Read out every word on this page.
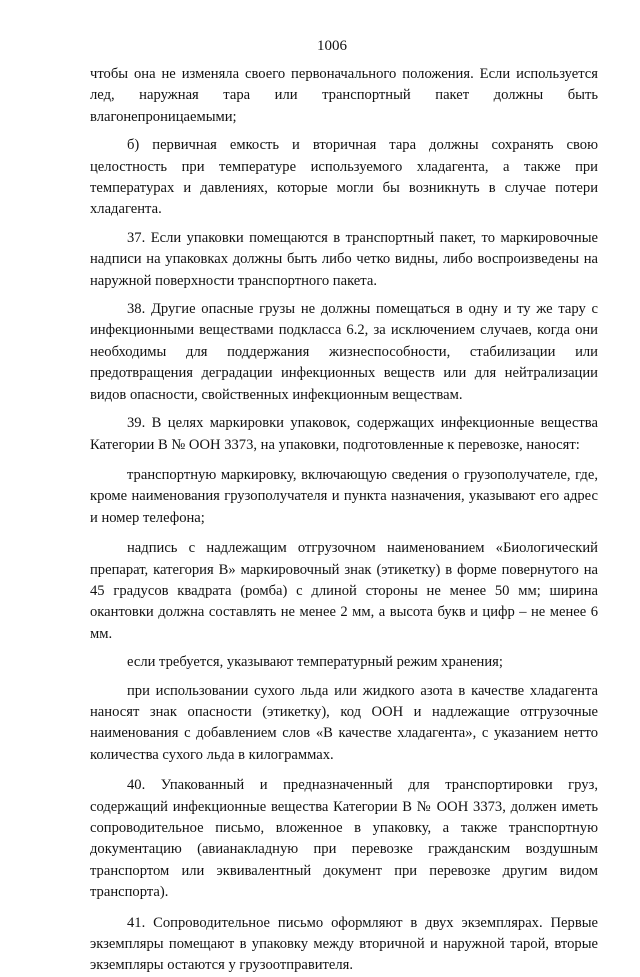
1006

чтобы она не изменяла своего первоначального положения. Если используется лед, наружная тара или транспортный пакет должны быть влагонепроницаемыми;

б) первичная емкость и вторичная тара должны сохранять свою целостность при температуре используемого хладагента, а также при температурах и давлениях, которые могли бы возникнуть в случае потери хладагента.

37. Если упаковки помещаются в транспортный пакет, то маркировочные надписи на упаковках должны быть либо четко видны, либо воспроизведены на наружной поверхности транспортного пакета.

38. Другие опасные грузы не должны помещаться в одну и ту же тару с инфекционными веществами подкласса 6.2, за исключением случаев, когда они необходимы для поддержания жизнеспособности, стабилизации или предотвращения деградации инфекционных веществ или для нейтрализации видов опасности, свойственных инфекционным веществам.

39. В целях маркировки упаковок, содержащих инфекционные вещества Категории В № ООН 3373, на упаковки, подготовленные к перевозке, наносят:

транспортную маркировку, включающую сведения о грузополучателе, где, кроме наименования грузополучателя и пункта назначения, указывают его адрес и номер телефона;

надпись с надлежащим отгрузочном наименованием «Биологический препарат, категория В» маркировочный знак (этикетку) в форме повернутого на 45 градусов квадрата (ромба) с длиной стороны не менее 50 мм; ширина окантовки должна составлять не менее 2 мм, а высота букв и цифр – не менее 6 мм.

если требуется, указывают температурный режим хранения;

при использовании сухого льда или жидкого азота в качестве хладагента наносят знак опасности (этикетку), код ООН и надлежащие отгрузочные наименования с добавлением слов «В качестве хладагента», с указанием нетто количества сухого льда в килограммах.

40. Упакованный и предназначенный для транспортировки груз, содержащий инфекционные вещества Категории В № ООН 3373, должен иметь сопроводительное письмо, вложенное в упаковку, а также транспортную документацию (авианакладную при перевозке гражданским воздушным транспортом или эквивалентный документ при перевозке другим видом транспорта).

41. Сопроводительное письмо оформляют в двух экземплярах. Первые экземпляры помещают в упаковку между вторичной и наружной тарой, вторые экземпляры остаются у грузоотправителя.
